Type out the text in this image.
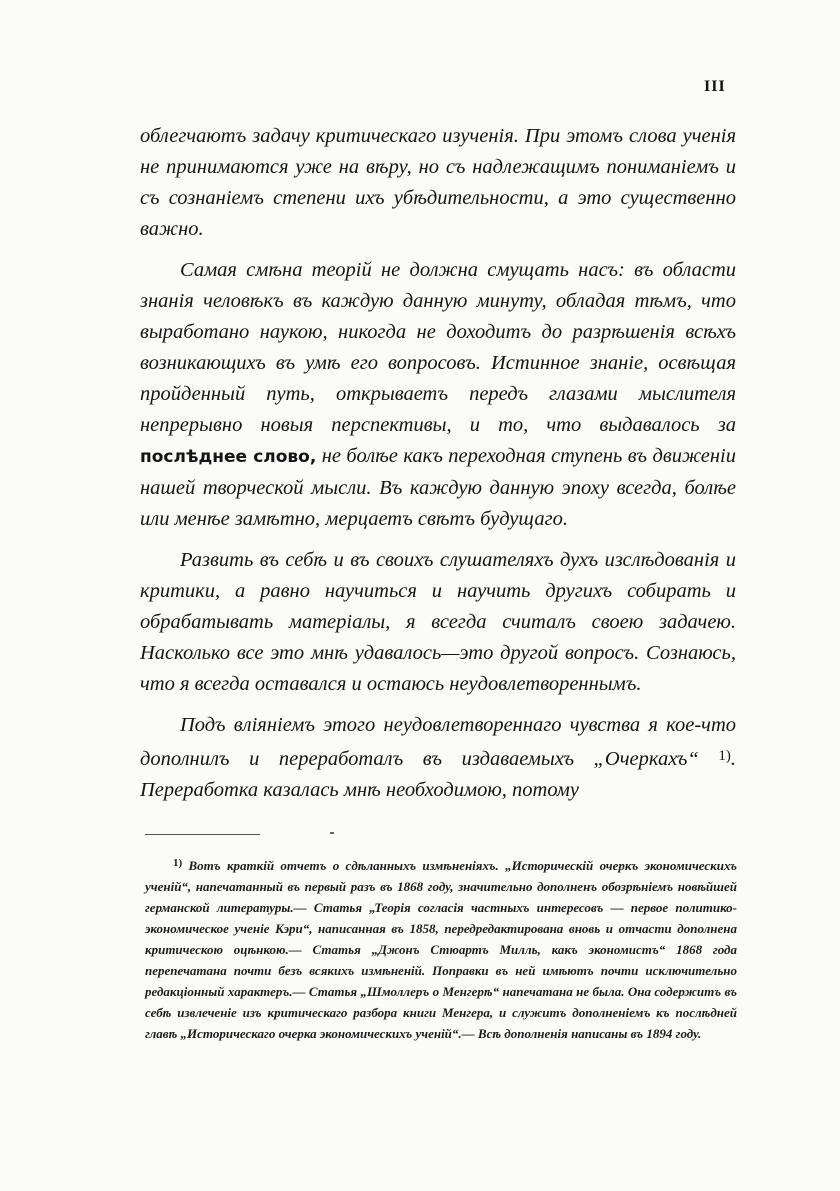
III

облегчаютъ задачу критическаго изученія. При этомъ слова ученія не принимаются уже на вѣру, но съ надлежащимъ пониманіемъ и съ сознаніемъ степени ихъ убѣдительности, а это существенно важно.

Самая смѣна теорій не должна смущать насъ: въ области знанія человѣкъ въ каждую данную минуту, обладая тѣмъ, что выработано наукою, никогда не доходитъ до разрѣшенія всѣхъ возникающихъ въ умѣ его вопросовъ. Истинное знаніе, освѣщая пройденный путь, открываетъ передъ глазами мыслителя непрерывно новыя перспективы, и то, что выдавалось за послѣднее слово, не болѣе какъ переходная ступень въ движеніи нашей творческой мысли. Въ каждую данную эпоху всегда, болѣе или менѣе замѣтно, мерцаетъ свѣтъ будущаго.

Развить въ себѣ и въ своихъ слушателяхъ духъ изслѣдованія и критики, а равно научиться и научить другихъ собирать и обрабатывать матеріалы, я всегда считалъ своею задачею. Насколько все это мнѣ удавалось—это другой вопросъ. Сознаюсь, что я всегда оставался и остаюсь неудовлетвореннымъ.

Подъ вліяніемъ этого неудовлетвореннаго чувства я кое-что дополнилъ и переработалъ въ издаваемыхъ „Очеркахъ“ $^{1)}$. Переработка казалась мнѣ необходимою, потому

$^{1)}$ Вотъ краткій отчетъ о сдѣланныхъ измѣненіяхъ. „Историческій очеркъ экономическихъ ученій“, напечатанный въ первый разъ въ 1868 году, значительно дополненъ обозрѣніемъ новѣйшей германской литературы.— Статья „Теорія согласія частныхъ интересовъ — первое политико-экономическое ученіе Кэри“, написанная въ 1858, передредактирована вновь и отчасти дополнена критическою оцѣнкою.— Статья „Джонъ Стюартъ Милль, какъ экономистъ“ 1868 года перепечатана почти безъ всякихъ измѣненій. Поправки въ ней имѣютъ почти исключительно редакціонный характеръ.— Статья „Шмоллеръ о Менгерѣ“ напечатана не была. Она содержитъ въ себѣ извлеченіе изъ критическаго разбора книги Менгера, и служитъ дополненіемъ къ послѣдней главѣ „Историческаго очерка экономическихъ ученій“.— Всѣ дополненія написаны въ 1894 году.
